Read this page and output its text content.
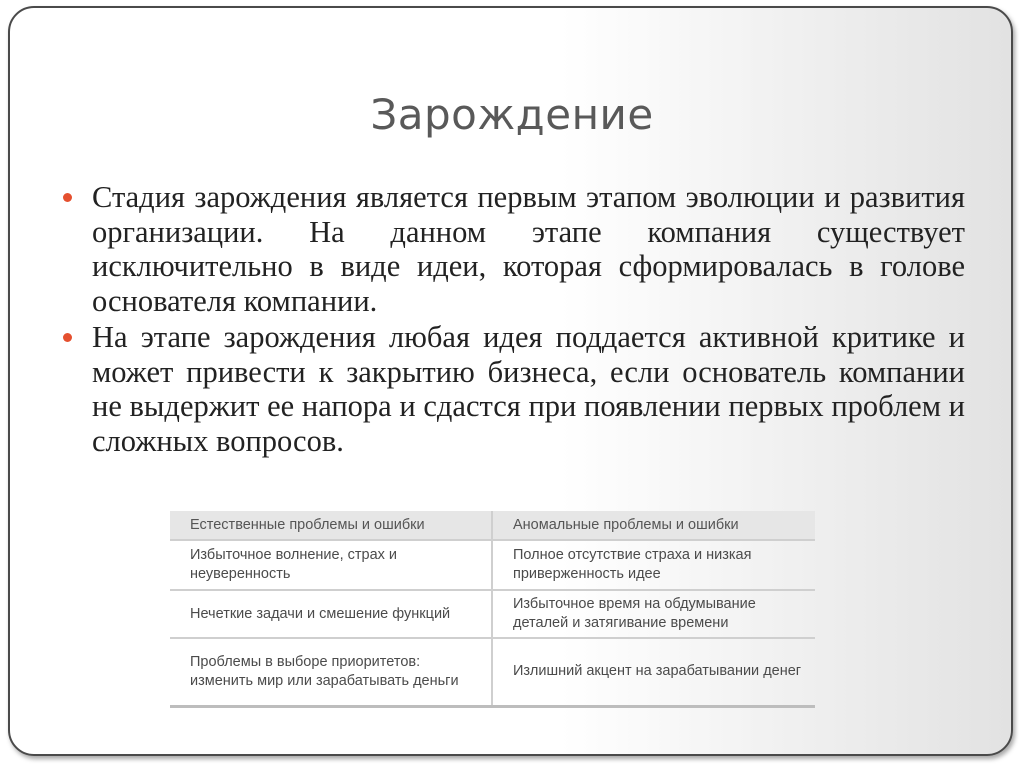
Зарождение
Стадия зарождения является первым этапом эволюции и развития организации. На данном этапе компания существует исключительно в виде идеи, которая сформировалась в голове основателя компании.
На этапе зарождения любая идея поддается активной критике и может привести к закрытию бизнеса, если основатель компании не выдержит ее напора и сдастся при появлении первых проблем и сложных вопросов.
Естественные проблемы и ошибки	Аномальные проблемы и ошибки
Избыточное волнение, страх и неуверенность	Полное отсутствие страха и низкая приверженность идее
Нечеткие задачи и смешение функций	Избыточное время на обдумывание деталей и затягивание времени
Проблемы в выборе приоритетов: изменить мир или зарабатывать деньги	Излишний акцент на зарабатывании денег
